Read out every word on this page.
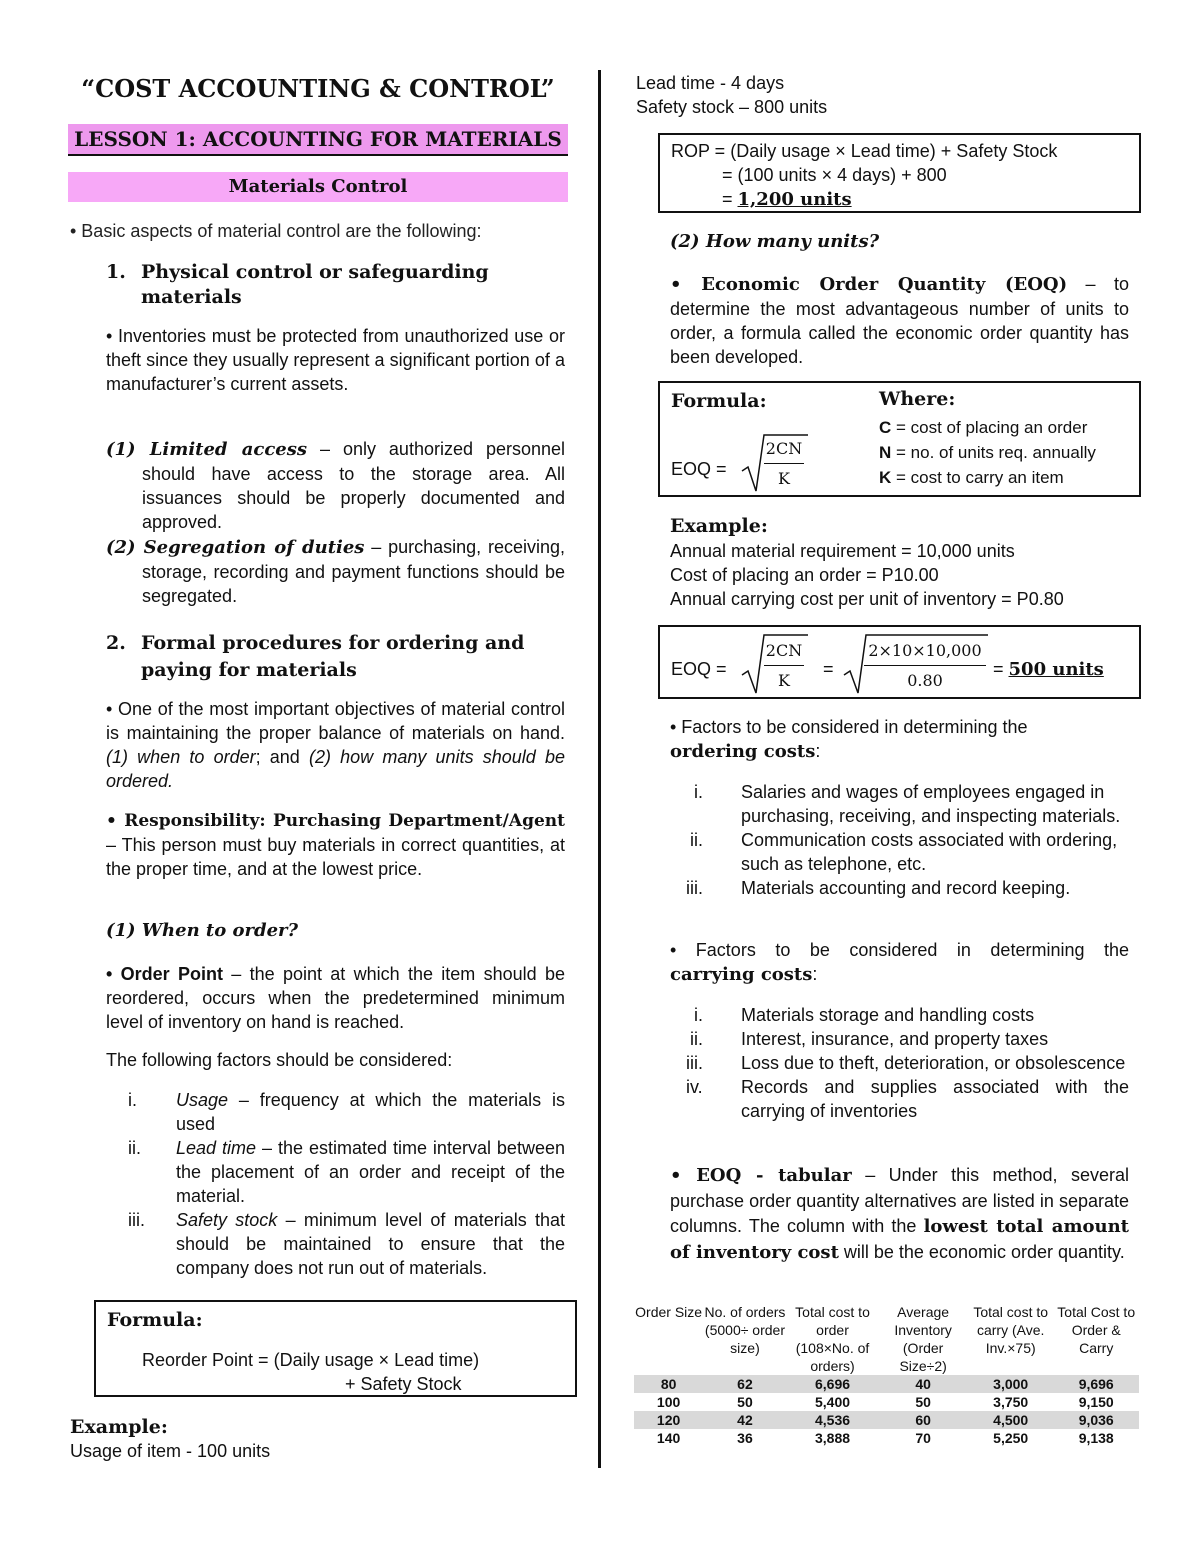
“COST ACCOUNTING & CONTROL”
LESSON 1: ACCOUNTING FOR MATERIALS
Materials Control
• Basic aspects of material control are the following:
1. Physical control or safeguarding
materials
• Inventories must be protected from unauthorized use or theft since they usually represent a significant portion of a manufacturer’s current assets.
(1) Limited access – only authorized personnel should have access to the storage area. All issuances should be properly documented and approved.
(2) Segregation of duties – purchasing, receiving, storage, recording and payment functions should be segregated.
2. Formal procedures for ordering and
paying for materials
• One of the most important objectives of material control is maintaining the proper balance of materials on hand. (1) when to order; and (2) how many units should be ordered.
• Responsibility: Purchasing Department/Agent – This person must buy materials in correct quantities, at the proper time, and at the lowest price.
(1) When to order?
• Order Point – the point at which the item should be reordered, occurs when the predetermined minimum level of inventory on hand is reached.
The following factors should be considered:
i.	Usage – frequency at which the materials is used
ii.	Lead time – the estimated time interval between the placement of an order and receipt of the material.
iii.	Safety stock – minimum level of materials that should be maintained to ensure that the company does not run out of materials.
Formula:
Reorder Point = (Daily usage × Lead time)
+ Safety Stock
Example:
Usage of item - 100 units
Lead time - 4 days
Safety stock – 800 units
ROP = (Daily usage × Lead time) + Safety Stock
= (100 units × 4 days) + 800
= 1,200 units
(2) How many units?
• Economic Order Quantity (EOQ) – to determine the most advantageous number of units to order, a formula called the economic order quantity has been developed.
Formula:
EOQ =
2CN
K
Where:
C = cost of placing an order
N = no. of units req. annually
K = cost to carry an item
Example:
Annual material requirement = 10,000 units
Cost of placing an order = P10.00
Annual carrying cost per unit of inventory = P0.80
EOQ =
2CN
K
=
2×10×10,000
0.80
= 500 units
• Factors to be considered in determining the
ordering costs:
i.	Salaries and wages of employees engaged in purchasing, receiving, and inspecting materials.
ii.	Communication costs associated with ordering, such as telephone, etc.
iii.	Materials accounting and record keeping.
• Factors to be considered in determining the
carrying costs:
i.	Materials storage and handling costs
ii.	Interest, insurance, and property taxes
iii.	Loss due to theft, deterioration, or obsolescence
iv.	Records and supplies associated with the carrying of inventories
• EOQ - tabular – Under this method, several purchase order quantity alternatives are listed in separate columns. The column with the lowest total amount of inventory cost will be the economic order quantity.
Order Size	No. of orders (5000÷ order size)	Total cost to order (108×No. of orders)	Average Inventory (Order Size÷2)	Total cost to carry (Ave. Inv.×75)	Total Cost to Order & Carry
80	62	6,696	40	3,000	9,696
100	50	5,400	50	3,750	9,150
120	42	4,536	60	4,500	9,036
140	36	3,888	70	5,250	9,138
